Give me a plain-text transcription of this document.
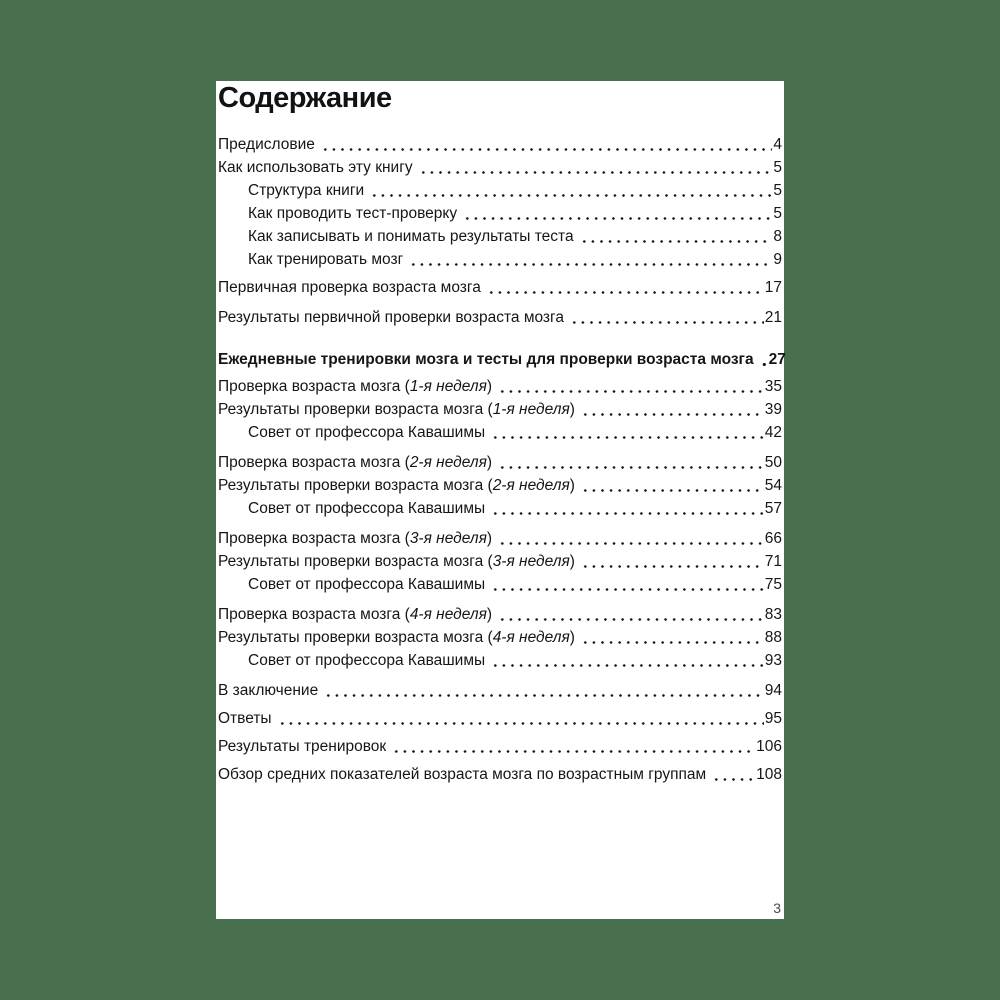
Содержание
Предисловие	4
Как использовать эту книгу	5
Структура книги	5
Как проводить тест-проверку	5
Как записывать и понимать результаты теста	8
Как тренировать мозг	9
Первичная проверка возраста мозга	17
Результаты первичной проверки возраста мозга	21
Ежедневные тренировки мозга и тесты для проверки возраста мозга 27
Проверка возраста мозга (1-я неделя)	35
Результаты проверки возраста мозга (1-я неделя)	39
Совет от профессора Кавашимы	42
Проверка возраста мозга (2-я неделя)	50
Результаты проверки возраста мозга (2-я неделя)	54
Совет от профессора Кавашимы	57
Проверка возраста мозга (3-я неделя)	66
Результаты проверки возраста мозга (3-я неделя)	71
Совет от профессора Кавашимы	75
Проверка возраста мозга (4-я неделя)	83
Результаты проверки возраста мозга (4-я неделя)	88
Совет от профессора Кавашимы	93
В заключение	94
Ответы	95
Результаты тренировок	106
Обзор средних показателей возраста мозга по возрастным группам	108
3
